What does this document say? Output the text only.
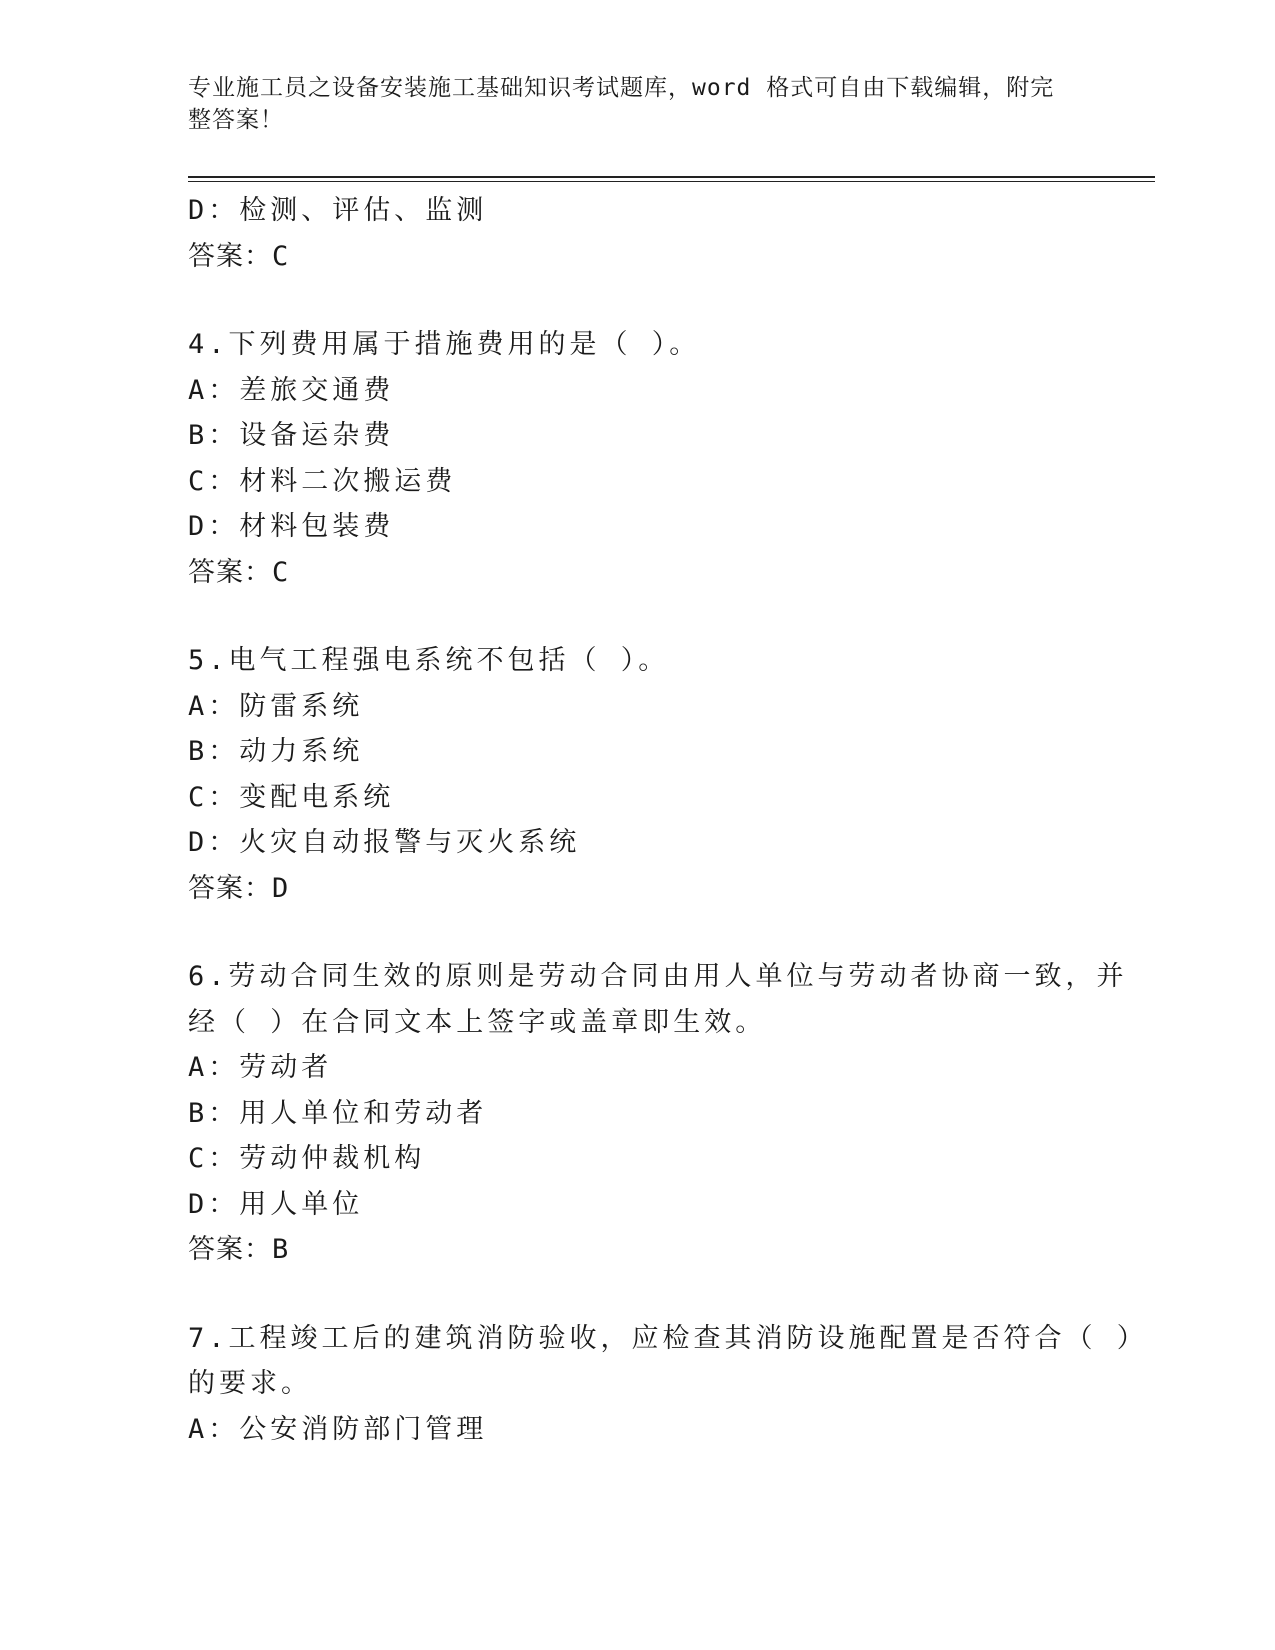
专业施工员之设备安装施工基础知识考试题库，word 格式可自由下载编辑，附完
整答案！
D：检测、评估、监测
答案：C
4.下列费用属于措施费用的是（ ）。
A：差旅交通费
B：设备运杂费
C：材料二次搬运费
D：材料包装费
答案：C
5.电气工程强电系统不包括（ ）。
A：防雷系统
B：动力系统
C：变配电系统
D：火灾自动报警与灭火系统
答案：D
6.劳动合同生效的原则是劳动合同由用人单位与劳动者协商一致，并
经（ ）在合同文本上签字或盖章即生效。
A：劳动者
B：用人单位和劳动者
C：劳动仲裁机构
D：用人单位
答案：B
7.工程竣工后的建筑消防验收，应检查其消防设施配置是否符合（ ）
的要求。
A：公安消防部门管理
